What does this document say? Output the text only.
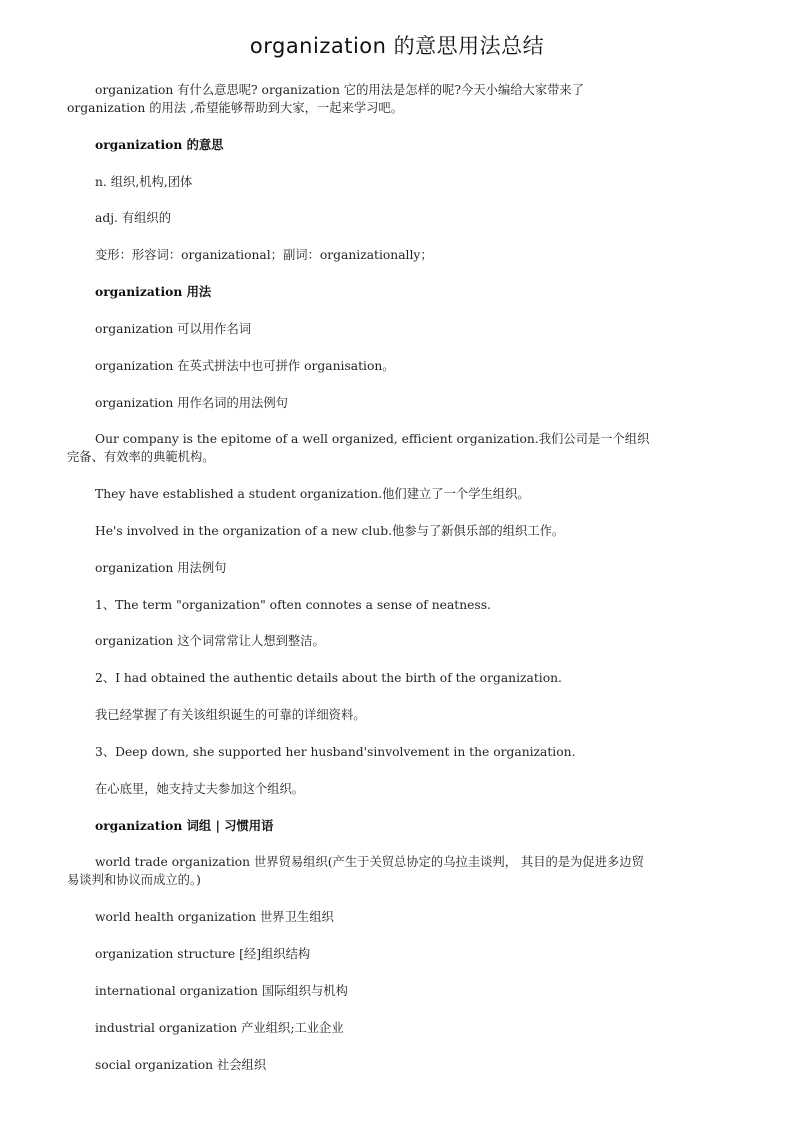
organization 的意思用法总结
organization 有什么意思呢? organization 它的用法是怎样的呢?今天小编给大家带来了
organization 的用法 ,希望能够帮助到大家，一起来学习吧。
organization 的意思
n. 组织,机构,团体
adj. 有组织的
变形：形容词：organizational；副词：organizationally；
organization 用法
organization 可以用作名词
organization 在英式拼法中也可拼作 organisation。
organization 用作名词的用法例句
Our company is the epitome of a well organized, efficient organization.我们公司是一个组织
完备、有效率的典範机构。
They have established a student organization.他们建立了一个学生组织。
He's involved in the organization of a new club.他参与了新俱乐部的组织工作。
organization 用法例句
1、The term "organization" often connotes a sense of neatness.
organization 这个词常常让人想到整洁。
2、I had obtained the authentic details about the birth of the organization.
我已经掌握了有关该组织诞生的可靠的详细资料。
3、Deep down, she supported her husband'sinvolvement in the organization.
在心底里，她支持丈夫参加这个组织。
organization 词组 | 习惯用语
world trade organization 世界贸易组织(产生于关贸总协定的乌拉圭谈判， 其目的是为促进多边贸
易谈判和协议而成立的。)
world health organization 世界卫生组织
organization structure [经]组织结构
international organization 国际组织与机构
industrial organization 产业组织;工业企业
social organization 社会组织
